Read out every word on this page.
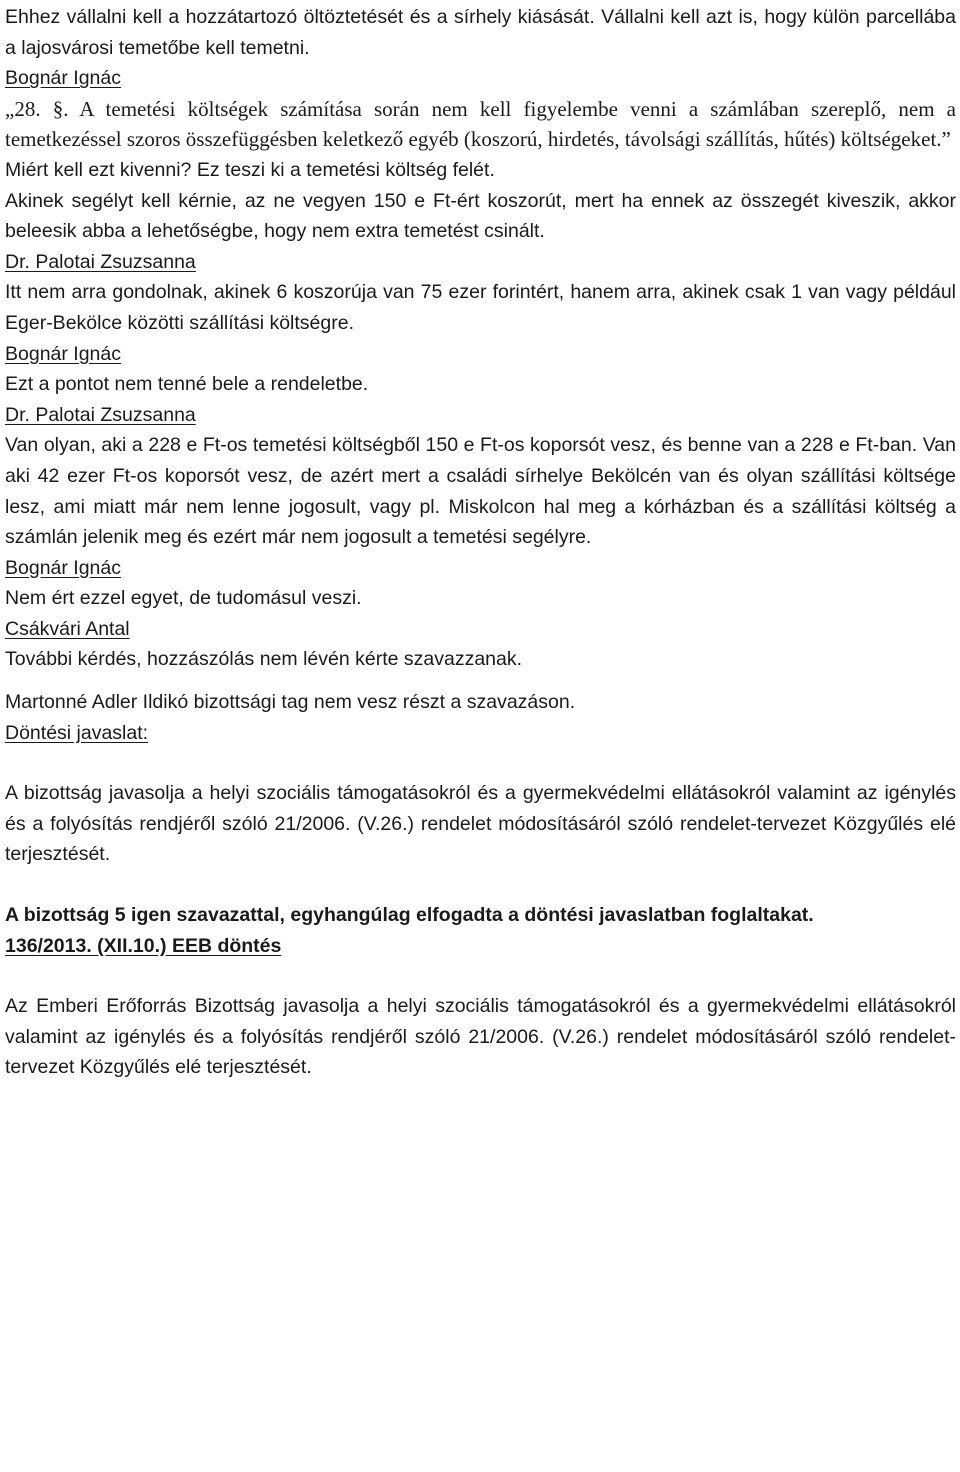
Ehhez vállalni kell a hozzátartozó öltöztetését és a sírhely kiásását. Vállalni kell azt is, hogy külön parcellába a lajosvárosi temetőbe kell temetni.

Bognár Ignác

„28. §. A temetési költségek számítása során nem kell figyelembe venni a számlában szereplő, nem a temetkezéssel szoros összefüggésben keletkező egyéb (koszorú, hirdetés, távolsági szállítás, hűtés) költségeket.”

Miért kell ezt kivenni? Ez teszi ki a temetési költség felét.

Akinek segélyt kell kérnie, az ne vegyen 150 e Ft-ért koszorút, mert ha ennek az összegét kiveszik, akkor beleesik abba a lehetőségbe, hogy nem extra temetést csinált.

Dr. Palotai Zsuzsanna

Itt nem arra gondolnak, akinek 6 koszorúja van 75 ezer forintért, hanem arra, akinek csak 1 van vagy például Eger-Bekölce közötti szállítási költségre.

Bognár Ignác

Ezt a pontot nem tenné bele a rendeletbe.

Dr. Palotai Zsuzsanna

Van olyan, aki a 228 e Ft-os temetési költségből 150 e Ft-os koporsót vesz, és benne van a 228 e Ft-ban. Van aki 42 ezer Ft-os koporsót vesz, de azért mert a családi sírhelye Bekölcén van és olyan szállítási költsége lesz, ami miatt már nem lenne jogosult, vagy pl. Miskolcon hal meg a kórházban és a szállítási költség a számlán jelenik meg és ezért már nem jogosult a temetési segélyre.

Bognár Ignác

Nem ért ezzel egyet, de tudomásul veszi.

Csákvári Antal

További kérdés, hozzászólás nem lévén kérte szavazzanak.

Martonné Adler Ildikó bizottsági tag nem vesz részt a szavazáson.

Döntési javaslat:

A bizottság javasolja a helyi szociális támogatásokról és a gyermekvédelmi ellátásokról valamint az igénylés és a folyósítás rendjéről szóló 21/2006. (V.26.) rendelet módosításáról szóló rendelet-tervezet Közgyűlés elé terjesztését.

A bizottság 5 igen szavazattal, egyhangúlag elfogadta a döntési javaslatban foglaltakat.

136/2013. (XII.10.) EEB döntés

Az Emberi Erőforrás Bizottság javasolja a helyi szociális támogatásokról és a gyermekvédelmi ellátásokról valamint az igénylés és a folyósítás rendjéről szóló 21/2006. (V.26.) rendelet módosításáról szóló rendelet-tervezet Közgyűlés elé terjesztését.
